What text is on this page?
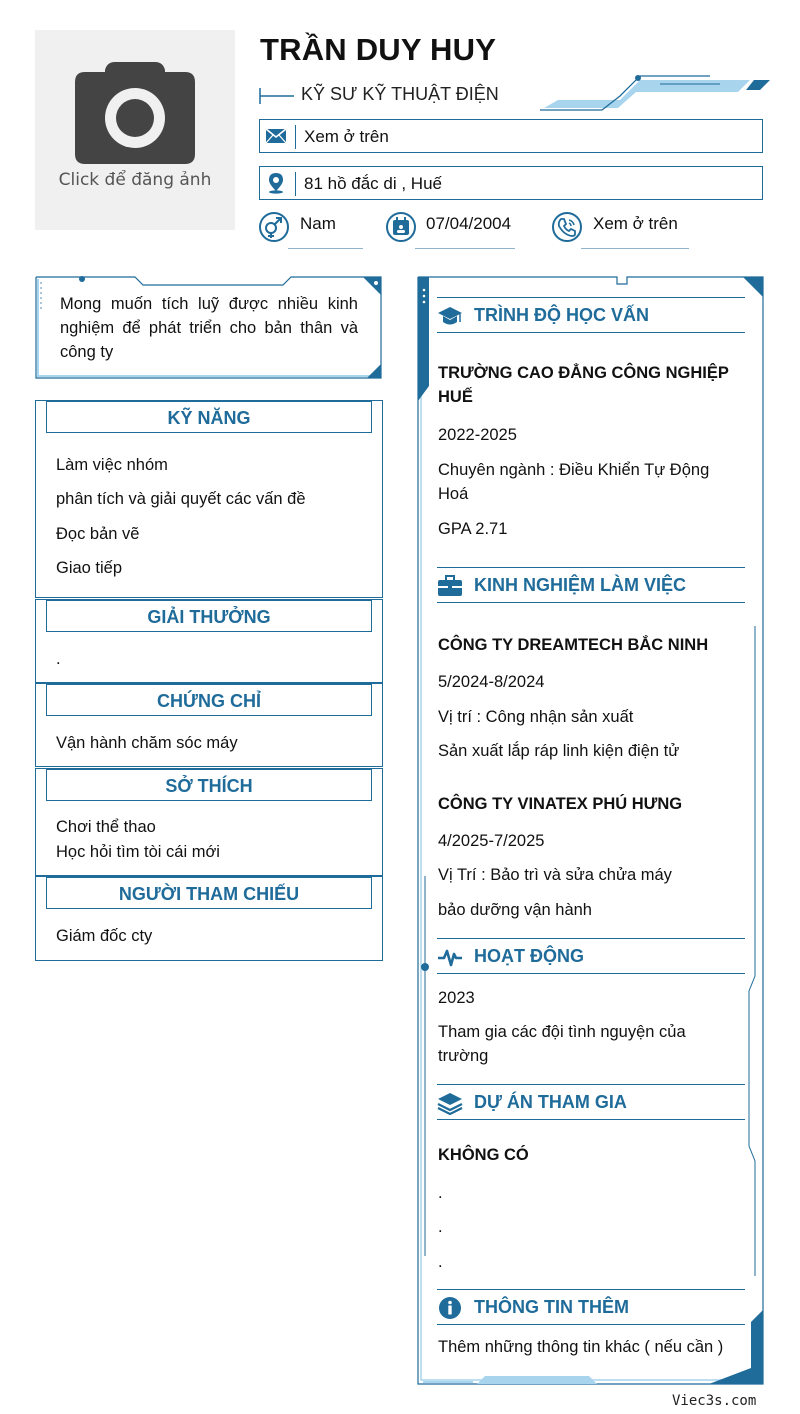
Click để đăng ảnh
TRẦN DUY HUY
KỸ SƯ KỸ THUẬT ĐIỆN
Xem ở trên
81 hồ đắc di , Huế
Nam	07/04/2004	Xem ở trên
Mong muốn tích luỹ được nhiều kinh nghiệm để phát triển cho bản thân và công ty
KỸ NĂNG
Làm việc nhóm
phân tích và giải quyết các vấn đề
Đọc bản vẽ
Giao tiếp
GIẢI THƯỞNG
.
CHỨNG CHỈ
Vận hành chăm sóc máy
SỞ THÍCH
Chơi thể thao
Học hỏi tìm tòi cái mới
NGƯỜI THAM CHIẾU
Giám đốc cty
TRÌNH ĐỘ HỌC VẤN
TRƯỜNG CAO ĐẲNG CÔNG NGHIỆP HUẾ
2022-2025
Chuyên ngành : Điều Khiển Tự Động Hoá
GPA 2.71
KINH NGHIỆM LÀM VIỆC
CÔNG TY DREAMTECH BẮC NINH
5/2024-8/2024
Vị trí : Công nhận sản xuất
Sản xuất lắp ráp linh kiện điện tử
CÔNG TY VINATEX PHÚ HƯNG
4/2025-7/2025
Vị Trí : Bảo trì và sửa chửa máy
bảo dưỡng vận hành
HOẠT ĐỘNG
2023
Tham gia các đội tình nguyện của trường
DỰ ÁN THAM GIA
KHÔNG CÓ
.
.
.
THÔNG TIN THÊM
Thêm những thông tin khác ( nếu cần )
Viec3s.com
